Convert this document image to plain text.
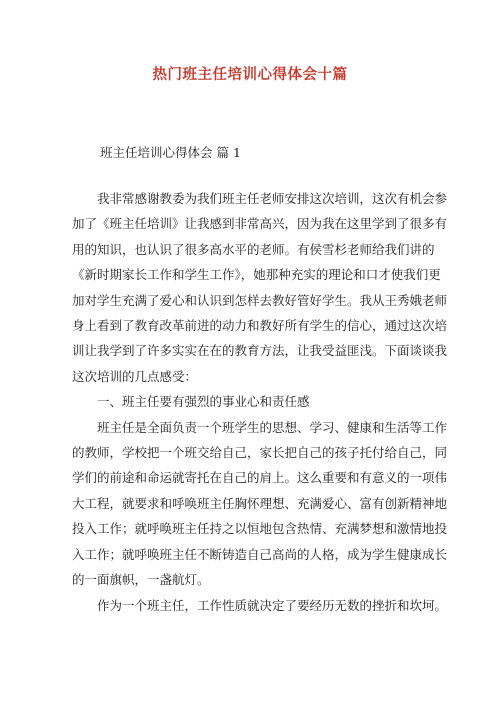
热门班主任培训心得体会十篇
班主任培训心得体会 篇 1
我非常感谢教委为我们班主任老师安排这次培训，这次有机会参
加了《班主任培训》让我感到非常高兴，因为我在这里学到了很多有
用的知识，也认识了很多高水平的老师。有侯雪杉老师给我们讲的
《新时期家长工作和学生工作》，她那种充实的理论和口才使我们更
加对学生充满了爱心和认识到怎样去教好管好学生。我从王秀娥老师
身上看到了教育改革前进的动力和教好所有学生的信心，通过这次培
训让我学到了许多实实在在的教育方法，让我受益匪浅。下面谈谈我
这次培训的几点感受：
一、班主任要有强烈的事业心和责任感
班主任是全面负责一个班学生的思想、学习、健康和生活等工作
的教师，学校把一个班交给自己，家长把自己的孩子托付给自己，同
学们的前途和命运就寄托在自己的肩上。这么重要和有意义的一项伟
大工程，就要求和呼唤班主任胸怀理想、充满爱心、富有创新精神地
投入工作；就呼唤班主任持之以恒地包含热情、充满梦想和激情地投
入工作；就呼唤班主任不断铸造自己高尚的人格，成为学生健康成长
的一面旗帜，一盏航灯。
作为一个班主任，工作性质就决定了要经历无数的挫折和坎坷。
